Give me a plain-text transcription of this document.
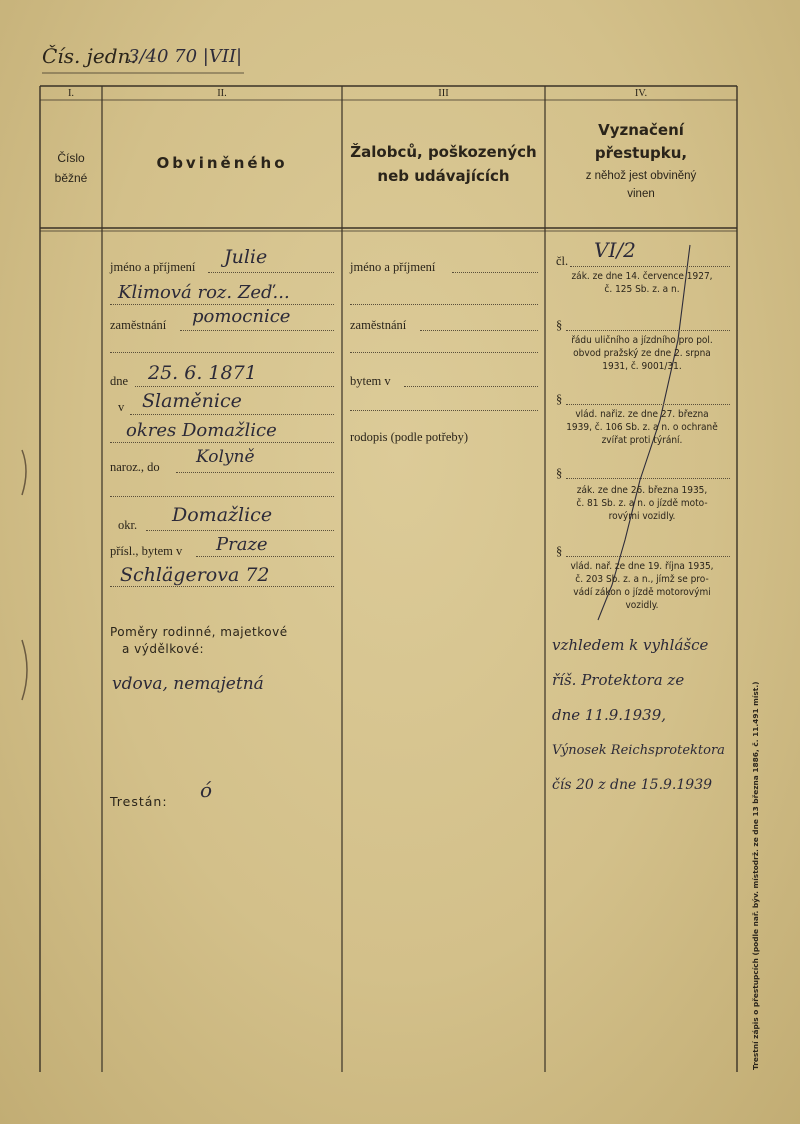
Čís. jedn.
3/40 70 |VII|
I.	II.	III	IV.
Číslo
běžné
Obviněného
Žalobců, poškozených
neb udávajících
Vyznačení
přestupku,
z něhož jest obviněný
vinen
jméno a příjmení Julie
Klimová roz. Zeď...
zaměstnání pomocnice
dne 25. 6. 1871
v Slaměnice
okres Domažlice
naroz., do Kolyně
okr. Domažlice
přísl., bytem v Praze
Schlägerova 72
Poměry rodinné, majetkové
a výdělkové:
vdova, nemajetná
Trestán: ó
jméno a příjmení
zaměstnání
bytem v
rodopis (podle potřeby)
čl. VI/2
zák. ze dne 14. července 1927,
č. 125 Sb. z. a n.
§
řádu uličního a jízdního pro pol.
obvod pražský ze dne 2. srpna
1931, č. 9001/31.
§
vlád. nařiz. ze dne 27. března
1939, č. 106 Sb. z. a n. o ochraně
zvířat proti týrání.
§
zák. ze dne 26. března 1935,
č. 81 Sb. z. a n. o jízdě moto-
rovými vozidly.
§
vlád. nař. ze dne 19. října 1935,
č. 203 Sb. z. a n., jímž se pro-
vádí zákon o jízdě motorovými
vozidly.
vzhledem k vyhlášce
říš. Protektora ze
dne 11.9.1939,
Výnosek Reichsprotektora
čís 20 z dne 15.9.1939	Trestní zápis o přestupcích (podle nař. býv. místodrž. ze dne 13 března 1886, č. 11.491 míst.)
